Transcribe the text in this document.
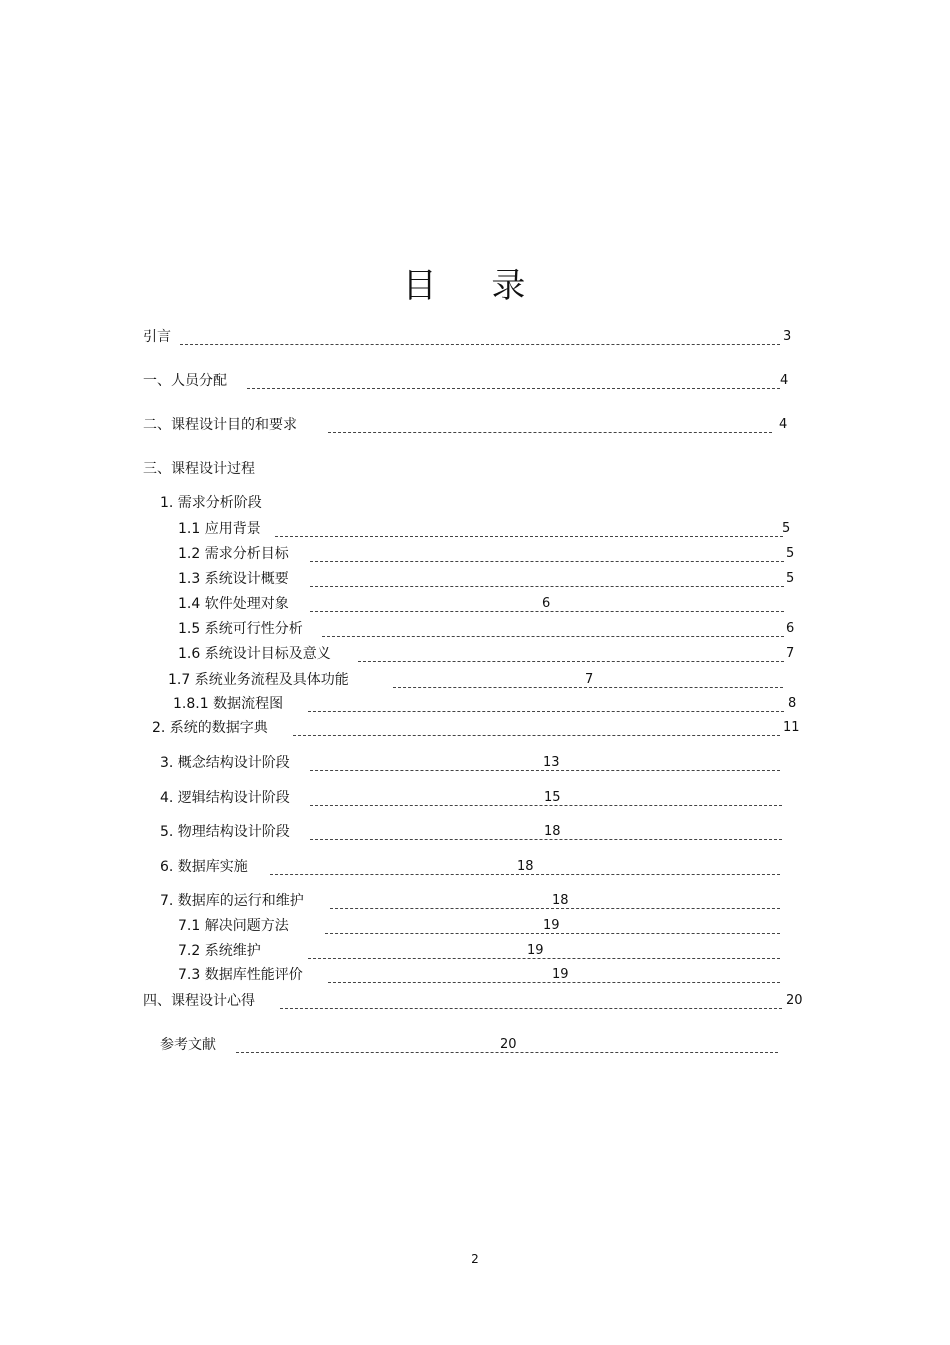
目 录
引言	3
一、人员分配	4
二、课程设计目的和要求	4
三、课程设计过程
1. 需求分析阶段
1.1 应用背景	5
1.2 需求分析目标	5
1.3 系统设计概要	5
1.4 软件处理对象	6
1.5 系统可行性分析	6
1.6 系统设计目标及意义	7
1.7 系统业务流程及具体功能	7
1.8.1 数据流程图	8
2. 系统的数据字典	11
3. 概念结构设计阶段	13
4. 逻辑结构设计阶段	15
5. 物理结构设计阶段	18
6. 数据库实施	18
7. 数据库的运行和维护	18
7.1 解决问题方法	19
7.2 系统维护	19
7.3 数据库性能评价	19
四、课程设计心得	20
参考文献	20
2
